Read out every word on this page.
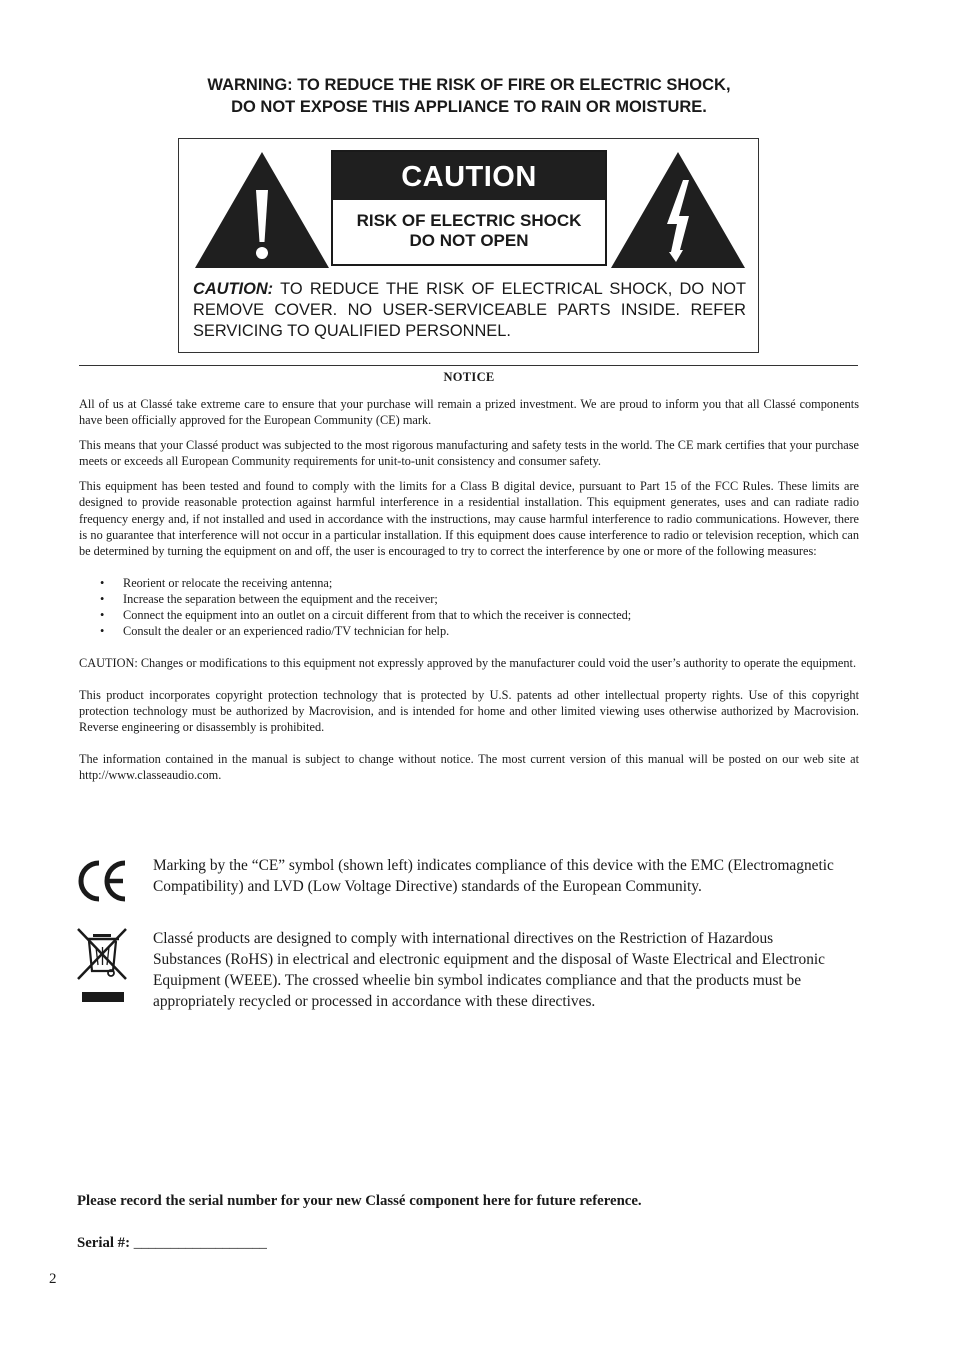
WARNING: TO REDUCE THE RISK OF FIRE OR ELECTRIC SHOCK,
DO NOT EXPOSE THIS APPLIANCE TO RAIN OR MOISTURE.
CAUTION
RISK OF ELECTRIC SHOCK
DO NOT OPEN
CAUTION: TO REDUCE THE RISK OF ELECTRICAL SHOCK, DO NOT REMOVE COVER. NO USER-SERVICEABLE PARTS INSIDE. REFER SERVICING TO QUALIFIED PERSONNEL.
NOTICE

All of us at Classé take extreme care to ensure that your purchase will remain a prized investment. We are proud to inform you that all Classé components have been officially approved for the European Community (CE) mark.

This means that your Classé product was subjected to the most rigorous manufacturing and safety tests in the world. The CE mark certifies that your purchase meets or exceeds all European Community requirements for unit-to-unit consistency and consumer safety.

This equipment has been tested and found to comply with the limits for a Class B digital device, pursuant to Part 15 of the FCC Rules. These limits are designed to provide reasonable protection against harmful interference in a residential installation. This equipment generates, uses and can radiate radio frequency energy and, if not installed and used in accordance with the instructions, may cause harmful interference to radio communications. However, there is no guarantee that interference will not occur in a particular installation. If this equipment does cause interference to radio or television reception, which can be determined by turning the equipment on and off, the user is encouraged to try to correct the interference by one or more of the following measures:

• Reorient or relocate the receiving antenna;
• Increase the separation between the equipment and the receiver;
• Connect the equipment into an outlet on a circuit different from that to which the receiver is connected;
• Consult the dealer or an experienced radio/TV technician for help.

CAUTION: Changes or modifications to this equipment not expressly approved by the manufacturer could void the user’s authority to operate the equipment.

This product incorporates copyright protection technology that is protected by U.S. patents ad other intellectual property rights. Use of this copyright protection technology must be authorized by Macrovision, and is intended for home and other limited viewing uses otherwise authorized by Macrovision. Reverse engineering or disassembly is prohibited.

The information contained in the manual is subject to change without notice. The most current version of this manual will be posted on our web site at http://www.classeaudio.com.

Marking by the “CE” symbol (shown left) indicates compliance of this device with the EMC (Electromagnetic Compatibility) and LVD (Low Voltage Directive) standards of the European Community.
Classé products are designed to comply with international directives on the Restriction of Hazardous Substances (RoHS) in electrical and electronic equipment and the disposal of Waste Electrical and Electronic Equipment (WEEE). The crossed wheelie bin symbol indicates compliance and that the products must be appropriately recycled or processed in accordance with these directives.
Please record the serial number for your new Classé component here for future reference.
Serial #: __________________
2
